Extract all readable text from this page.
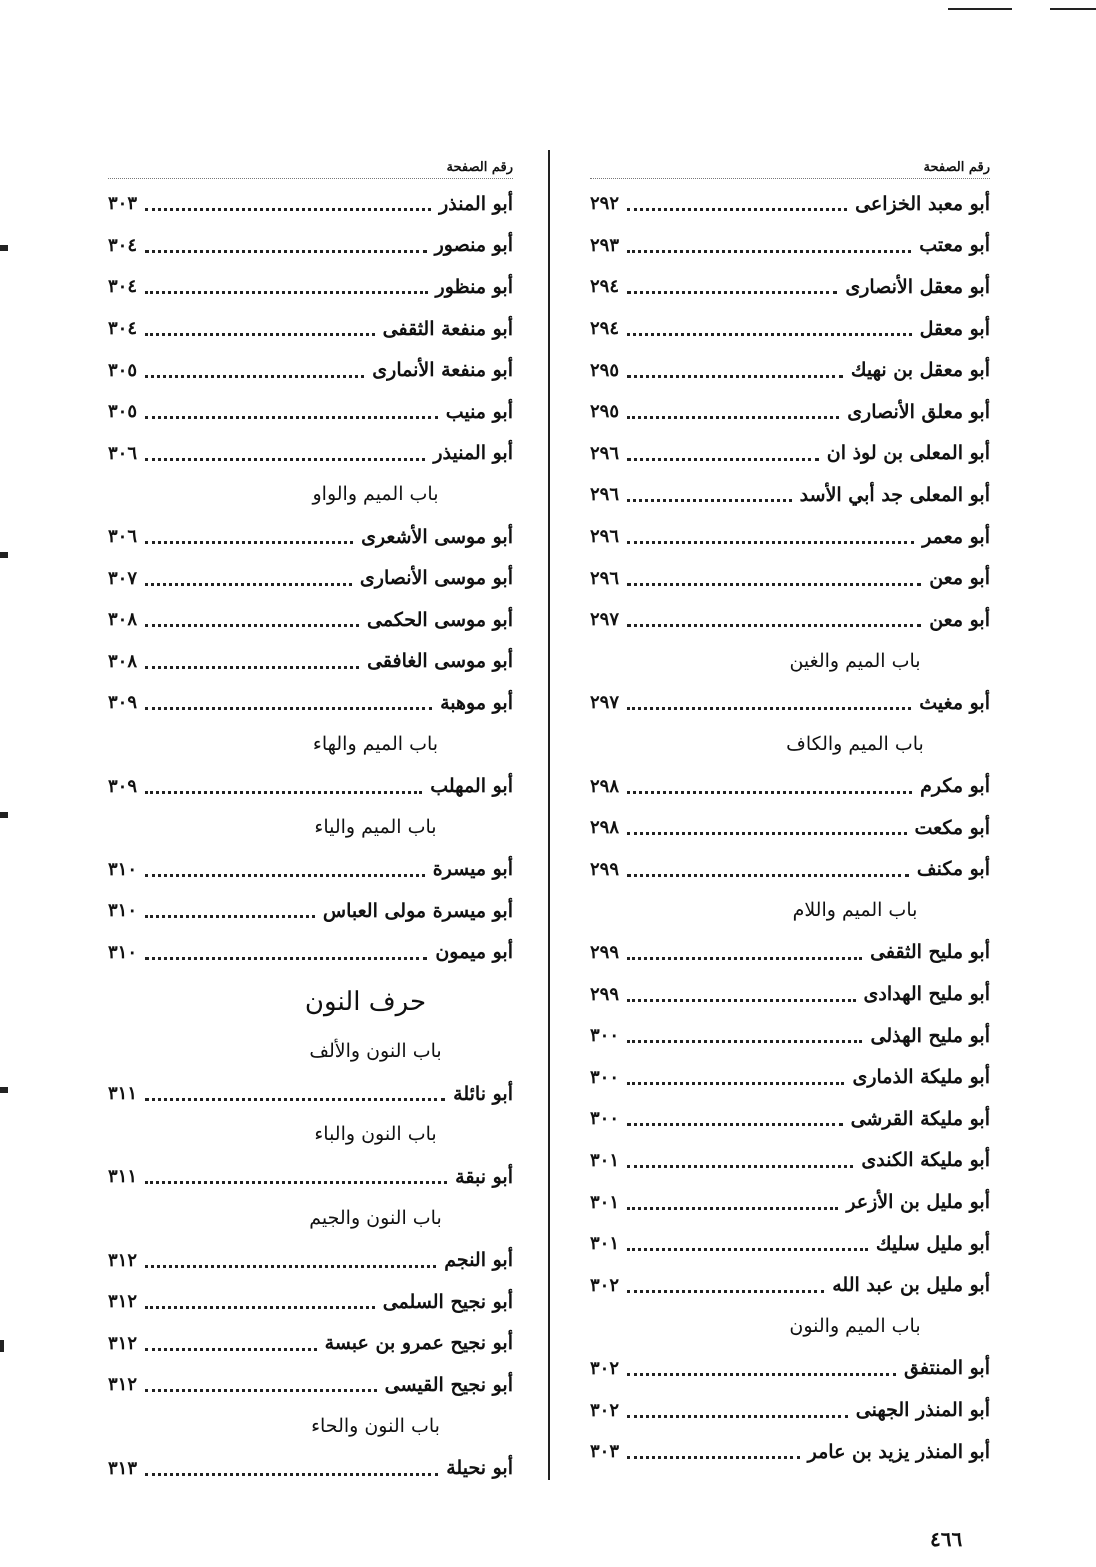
رقم الصفحة
أبو معبد الخزاعى
٢٩٢
أبو معتب
٢٩٣
أبو معقل الأنصارى
٢٩٤
أبو معقل
٢٩٤
أبو معقل بن نهيك
٢٩٥
أبو معلق الأنصارى
٢٩٥
أبو المعلى بن لوذ ان
٢٩٦
أبو المعلى جد أبي الأسد
٢٩٦
أبو معمر
٢٩٦
أبو معن
٢٩٦
أبو معن
٢٩٧
باب الميم والغين
أبو مغيث
٢٩٧
باب الميم والكاف
أبو مكرم
٢٩٨
أبو مكعت
٢٩٨
أبو مكنف
٢٩٩
باب الميم واللام
أبو مليح الثقفى
٢٩٩
أبو مليح الهدادى
٢٩٩
أبو مليح الهذلى
٣٠٠
أبو مليكة الذمارى
٣٠٠
أبو مليكة القرشى
٣٠٠
أبو مليكة الكندى
٣٠١
أبو مليل بن الأزعر
٣٠١
أبو مليل سليك
٣٠١
أبو مليل بن عبد الله
٣٠٢
باب الميم والنون
أبو المنتفق
٣٠٢
أبو المنذر الجهنى
٣٠٢
أبو المنذر يزيد بن عامر
٣٠٣
رقم الصفحة
أبو المنذر
٣٠٣
أبو منصور
٣٠٤
أبو منظور
٣٠٤
أبو منفعة الثقفى
٣٠٤
أبو منفعة الأنمارى
٣٠٥
أبو منيب
٣٠٥
أبو المنيذر
٣٠٦
باب الميم والواو
أبو موسى الأشعرى
٣٠٦
أبو موسى الأنصارى
٣٠٧
أبو موسى الحكمى
٣٠٨
أبو موسى الغافقى
٣٠٨
أبو موهبة
٣٠٩
باب الميم والهاء
أبو المهلب
٣٠٩
باب الميم والياء
أبو ميسرة
٣١٠
أبو ميسرة مولى العباس
٣١٠
أبو ميمون
٣١٠
حرف النون
باب النون والألف
أبو نائلة
٣١١
باب النون والباء
أبو نبقة
٣١١
باب النون والجيم
أبو النجم
٣١٢
أبو نجيح السلمى
٣١٢
أبو نجيح عمرو بن عبسة
٣١٢
أبو نجيح القيسى
٣١٢
باب النون والحاء
أبو نحيلة
٣١٣
٤٦٦
